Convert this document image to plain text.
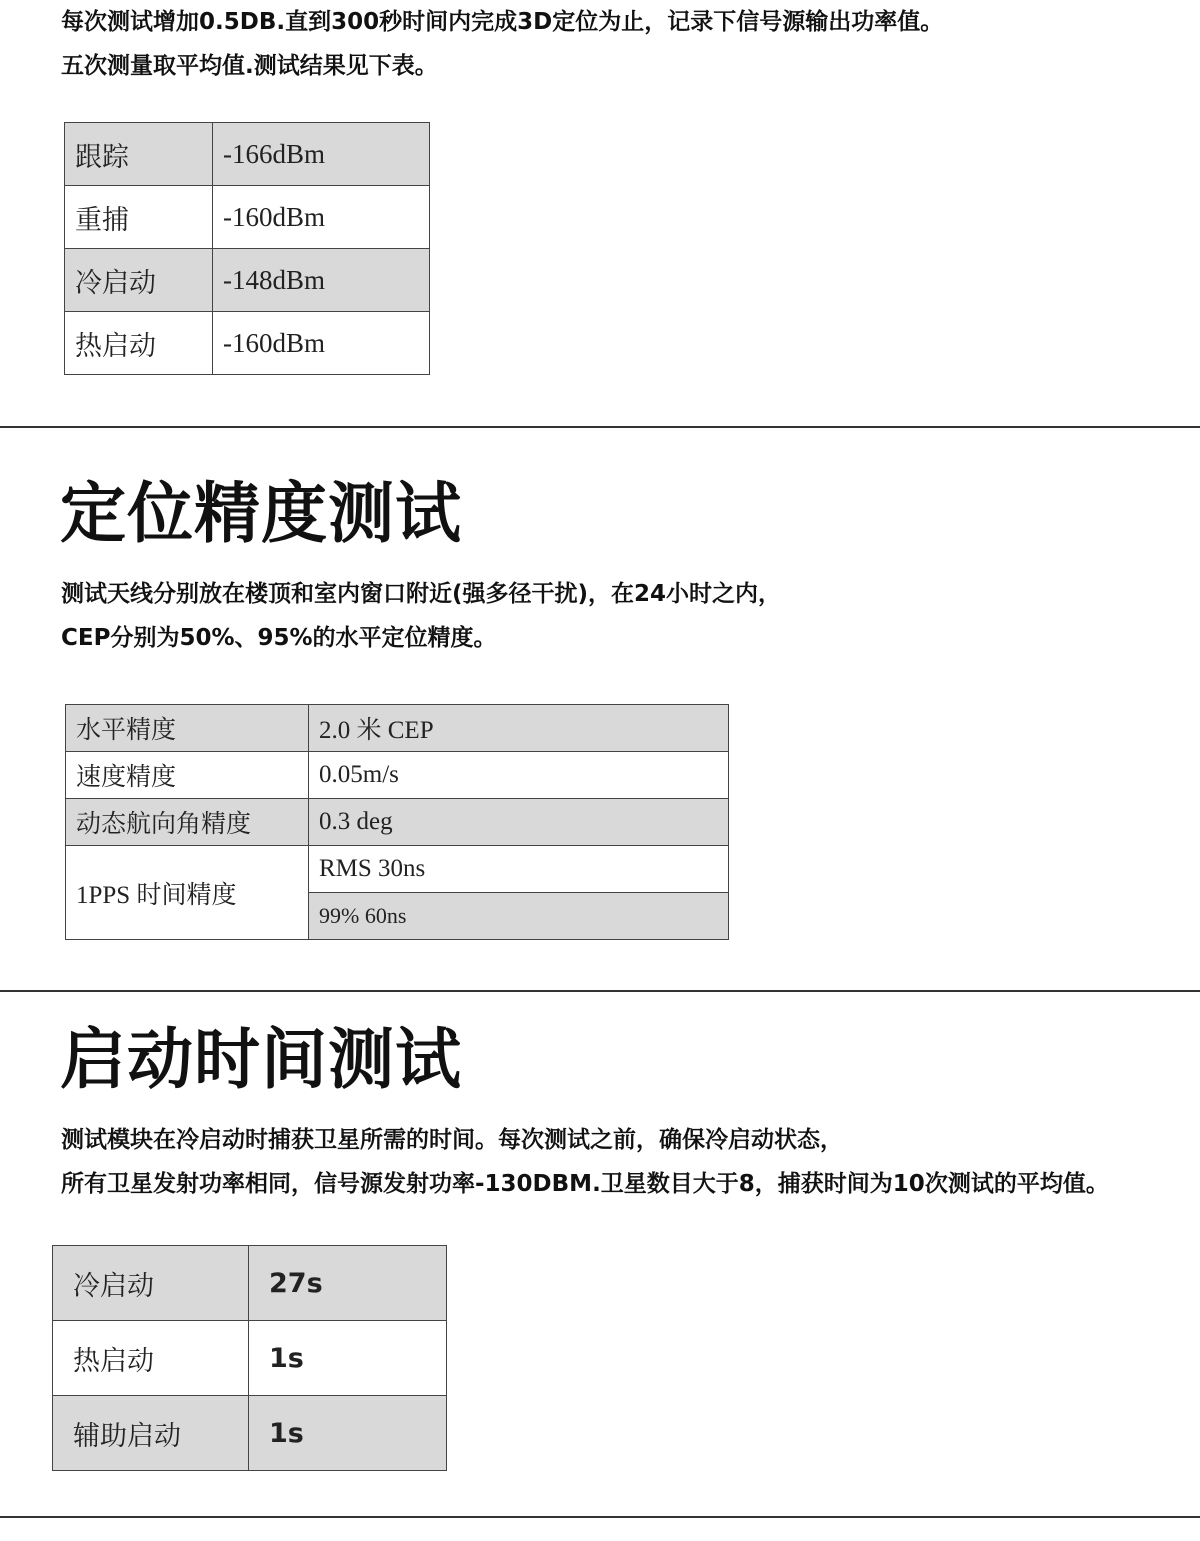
每次测试增加0.5DB.直到300秒时间内完成3D定位为止，记录下信号源输出功率值。
五次测量取平均值.测试结果见下表。
跟踪	-166dBm
重捕	-160dBm
冷启动	-148dBm
热启动	-160dBm
定位精度测试
测试天线分别放在楼顶和室内窗口附近(强多径干扰)，在24小时之内，
CEP分别为50%、95%的水平定位精度。
水平精度	2.0 米 CEP
速度精度	0.05m/s
动态航向角精度	0.3 deg
1PPS 时间精度	RMS 30ns
	99% 60ns
启动时间测试
测试模块在冷启动时捕获卫星所需的时间。每次测试之前，确保冷启动状态，
所有卫星发射功率相同，信号源发射功率-130DBM.卫星数目大于8，捕获时间为10次测试的平均值。
冷启动	27s
热启动	1s
辅助启动	1s
